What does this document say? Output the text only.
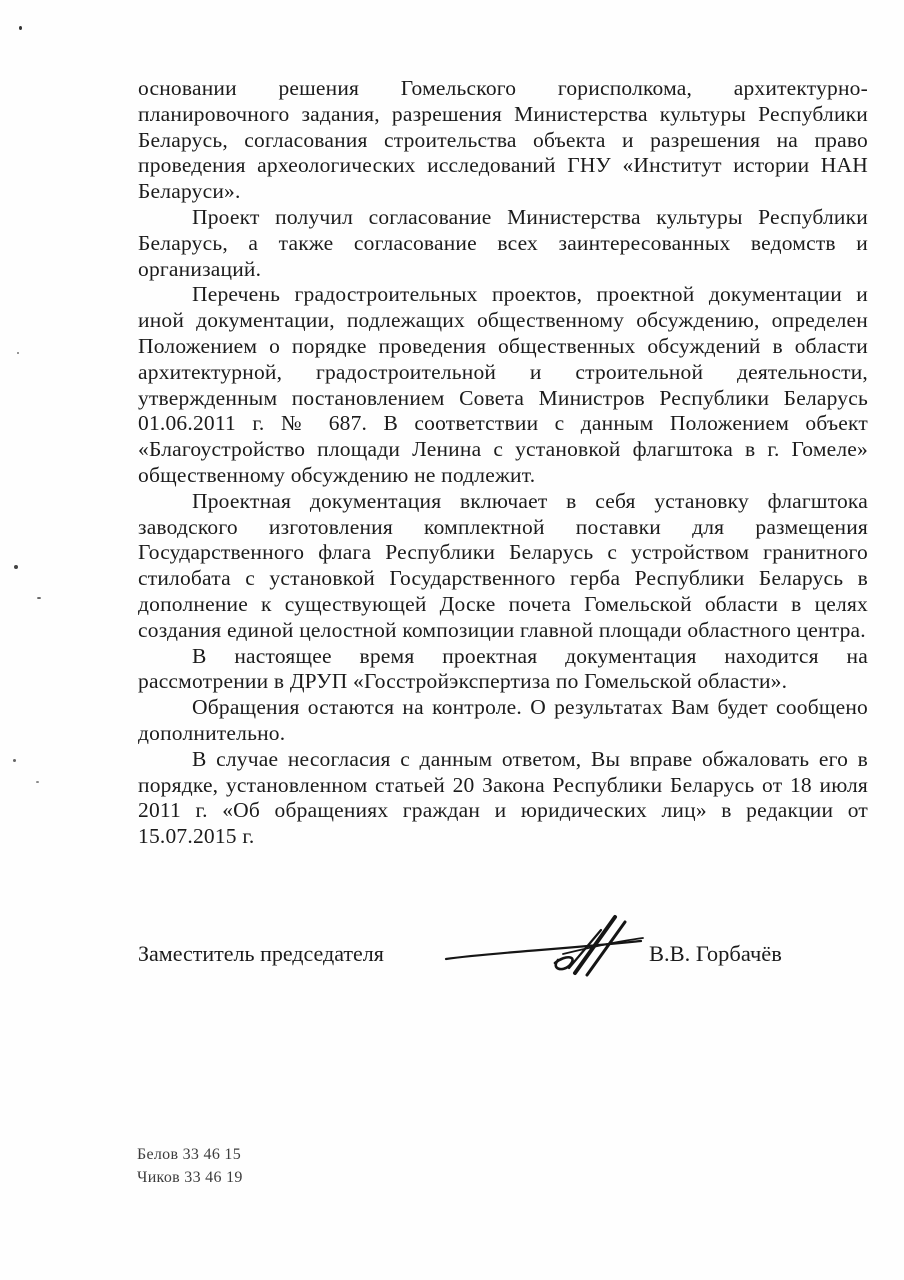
основании решения Гомельского горисполкома, архитектурно-планировочного задания, разрешения Министерства культуры Республики Беларусь, согласования строительства объекта и разрешения на право проведения археологических исследований ГНУ «Институт истории НАН Беларуси».

Проект получил согласование Министерства культуры Республики Беларусь, а также согласование всех заинтересованных ведомств и организаций.

Перечень градостроительных проектов, проектной документации и иной документации, подлежащих общественному обсуждению, определен Положением о порядке проведения общественных обсуждений в области архитектурной, градостроительной и строительной деятельности, утвержденным постановлением Совета Министров Республики Беларусь 01.06.2011 г. № 687. В соответствии с данным Положением объект «Благоустройство площади Ленина с установкой флагштока в г. Гомеле» общественному обсуждению не подлежит.

Проектная документация включает в себя установку флагштока заводского изготовления комплектной поставки для размещения Государственного флага Республики Беларусь с устройством гранитного стилобата с установкой Государственного герба Республики Беларусь в дополнение к существующей Доске почета Гомельской области в целях создания единой целостной композиции главной площади областного центра.

В настоящее время проектная документация находится на рассмотрении в ДРУП «Госстройэкспертиза по Гомельской области».

Обращения остаются на контроле. О результатах Вам будет сообщено дополнительно.

В случае несогласия с данным ответом, Вы вправе обжаловать его в порядке, установленном статьей 20 Закона Республики Беларусь от 18 июля 2011 г. «Об обращениях граждан и юридических лиц» в редакции от 15.07.2015 г.

Заместитель председателя	В.В. Горбачёв
Белов 33 46 15
Чиков 33 46 19
